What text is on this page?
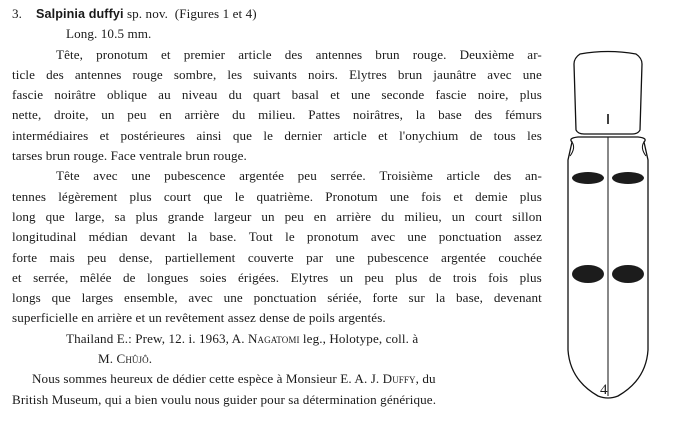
3.	Salpinia duffyi sp. nov.  (Figures 1 et 4)
Long. 10.5 mm.
Tête, pronotum et premier article des antennes brun rouge. Deuxième ar-
ticle des antennes rouge sombre, les suivants noirs. Elytres brun jaunâtre avec une
fascie noirâtre oblique au niveau du quart basal et une seconde fascie noire, plus
nette, droite, un peu en arrière du milieu. Pattes noirâtres, la base des fémurs
intermédiaires et postérieures ainsi que le dernier article et l'onychium de tous les
tarses brun rouge. Face ventrale brun rouge.
Tête avec une pubescence argentée peu serrée. Troisième article des an-
tennes légèrement plus court que le quatrième. Pronotum une fois et demie plus
long que large, sa plus grande largeur un peu en arrière du milieu, un court sillon
longitudinal médian devant la base. Tout le pronotum avec une ponctuation assez
forte mais peu dense, partiellement couverte par une pubescence argentée couchée
et serrée, mêlée de longues soies érigées. Elytres un peu plus de trois fois plus
longs que larges ensemble, avec une ponctuation sériée, forte sur la base, devenant
superficielle en arrière et un revêtement assez dense de poils argentés.
Thailand E.: Prew, 12. i. 1963, A. Nagatomi leg., Holotype, coll. à
M. Chûjô .
Nous sommes heureux de dédier cette espèce à Monsieur E. A. J. Duffy , du
British Museum, qui a bien voulu nous guider pour sa détermination générique.
4
